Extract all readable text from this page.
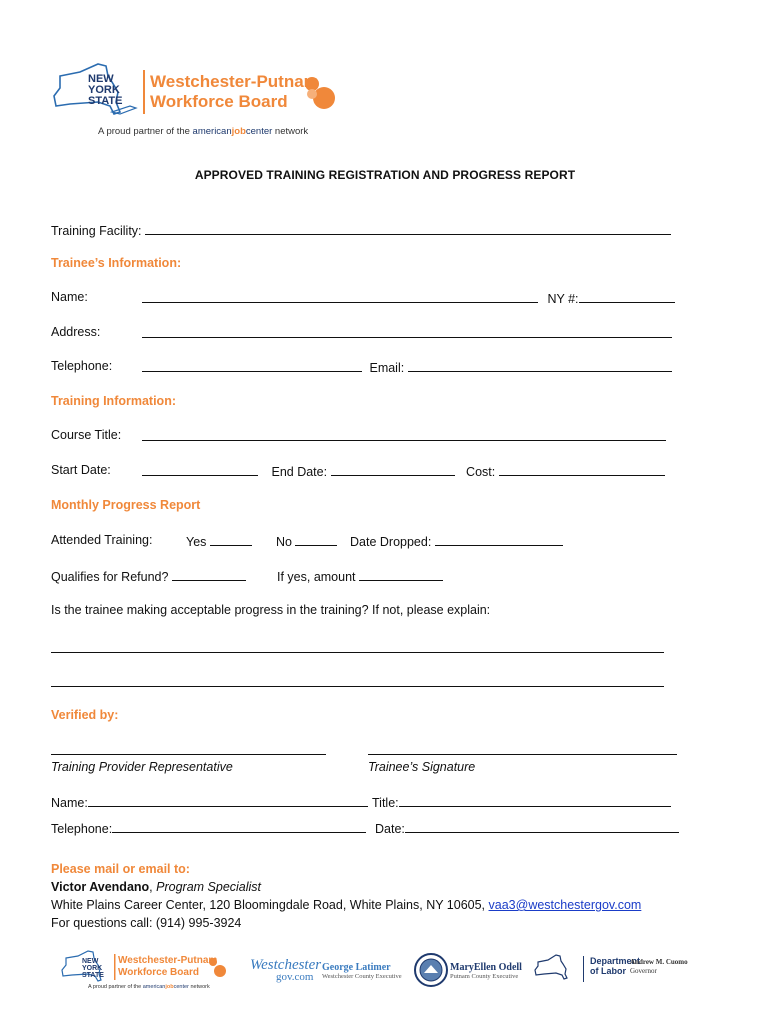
NEW
YORK
STATE
Westchester-Putnam
Workforce Board
A proud partner of the americanjobcenter network
APPROVED TRAINING REGISTRATION AND PROGRESS REPORT
Training Facility:
Trainee’s Information:
Name:	NY #:
Address:
Telephone:	Email:
Training Information:
Course Title:
Start Date:	End Date:	Cost:
Monthly Progress Report
Attended Training:	Yes	No	Date Dropped:
Qualifies for Refund?	If yes, amount
Is the trainee making acceptable progress in the training? If not, please explain:
Verified by:
Training Provider Representative	Trainee’s Signature
Name:	Title:
Telephone:	Date:
Please mail or email to:
Victor Avendano, Program Specialist
White Plains Career Center, 120 Bloomingdale Road, White Plains, NY 10605, vaa3@westchestergov.com
For questions call: (914) 995-3924
NEW
YORK
STATE
Westchester-Putnam
Workforce Board
A proud partner of the americanjobcenter network
Westchester
gov.com
George Latimer
Westchester County Executive
MaryEllen Odell
Putnam County Executive
Department
of Labor
Andrew M. Cuomo
Governor
